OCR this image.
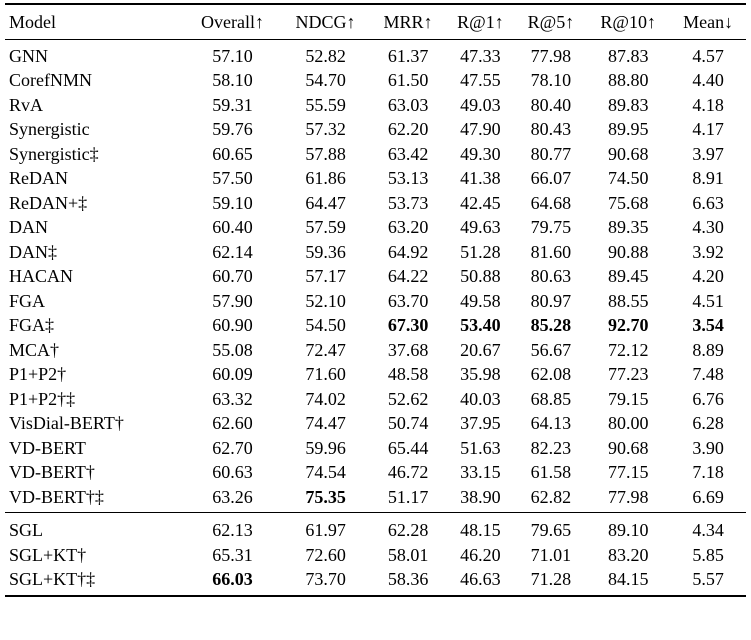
Model	Overall↑	NDCG↑	MRR↑	R@1↑	R@5↑	R@10↑	Mean↓
GNN	57.10	52.82	61.37	47.33	77.98	87.83	4.57
CorefNMN	58.10	54.70	61.50	47.55	78.10	88.80	4.40
RvA	59.31	55.59	63.03	49.03	80.40	89.83	4.18
Synergistic	59.76	57.32	62.20	47.90	80.43	89.95	4.17
Synergistic‡	60.65	57.88	63.42	49.30	80.77	90.68	3.97
ReDAN	57.50	61.86	53.13	41.38	66.07	74.50	8.91
ReDAN+‡	59.10	64.47	53.73	42.45	64.68	75.68	6.63
DAN	60.40	57.59	63.20	49.63	79.75	89.35	4.30
DAN‡	62.14	59.36	64.92	51.28	81.60	90.88	3.92
HACAN	60.70	57.17	64.22	50.88	80.63	89.45	4.20
FGA	57.90	52.10	63.70	49.58	80.97	88.55	4.51
FGA‡	60.90	54.50	67.30	53.40	85.28	92.70	3.54
MCA†	55.08	72.47	37.68	20.67	56.67	72.12	8.89
P1+P2†	60.09	71.60	48.58	35.98	62.08	77.23	7.48
P1+P2†‡	63.32	74.02	52.62	40.03	68.85	79.15	6.76
VisDial-BERT†	62.60	74.47	50.74	37.95	64.13	80.00	6.28
VD-BERT	62.70	59.96	65.44	51.63	82.23	90.68	3.90
VD-BERT†	60.63	74.54	46.72	33.15	61.58	77.15	7.18
VD-BERT†‡	63.26	75.35	51.17	38.90	62.82	77.98	6.69
SGL	62.13	61.97	62.28	48.15	79.65	89.10	4.34
SGL+KT†	65.31	72.60	58.01	46.20	71.01	83.20	5.85
SGL+KT†‡	66.03	73.70	58.36	46.63	71.28	84.15	5.57
